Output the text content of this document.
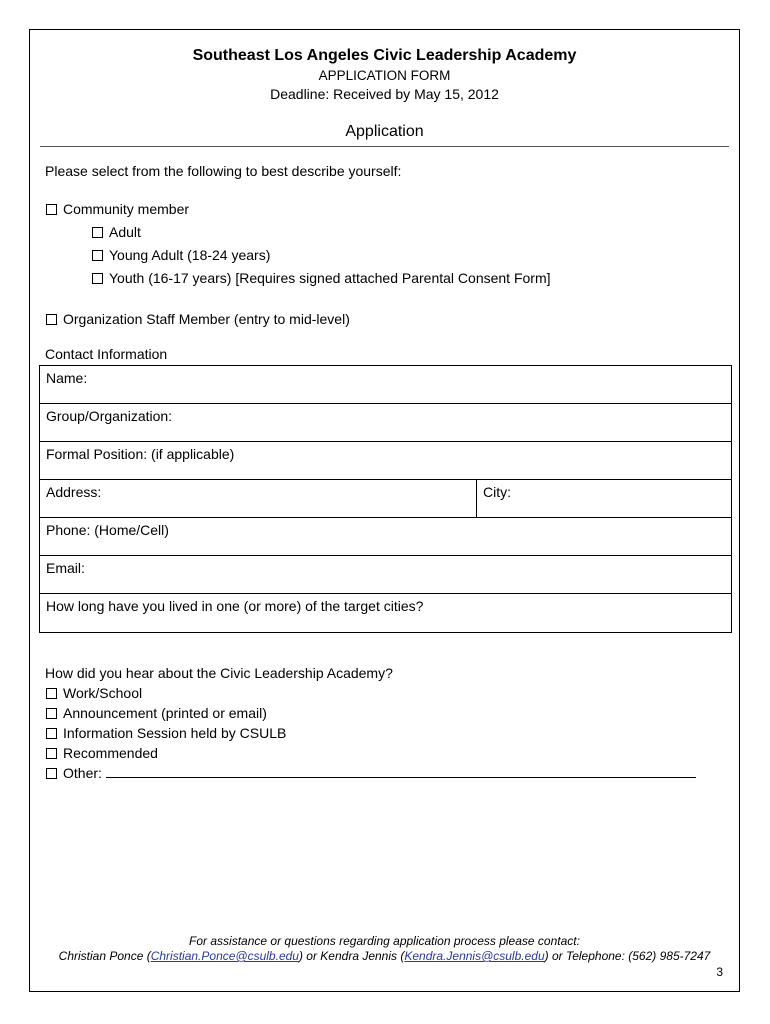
Southeast Los Angeles Civic Leadership Academy
APPLICATION FORM
Deadline: Received by May 15, 2012
Application
Please select from the following to best describe yourself:
Community member
Adult
Young Adult (18-24 years)
Youth (16-17 years) [Requires signed attached Parental Consent Form]
Organization Staff Member (entry to mid-level)
Contact Information
Name:
Group/Organization:
Formal Position: (if applicable)
Address:	City:
Phone: (Home/Cell)
Email:
How long have you lived in one (or more) of the target cities?
How did you hear about the Civic Leadership Academy?
Work/School
Announcement (printed or email)
Information Session held by CSULB
Recommended
Other:
For assistance or questions regarding application process please contact:
Christian Ponce (Christian.Ponce@csulb.edu) or Kendra Jennis (Kendra.Jennis@csulb.edu) or Telephone: (562) 985-7247
3
